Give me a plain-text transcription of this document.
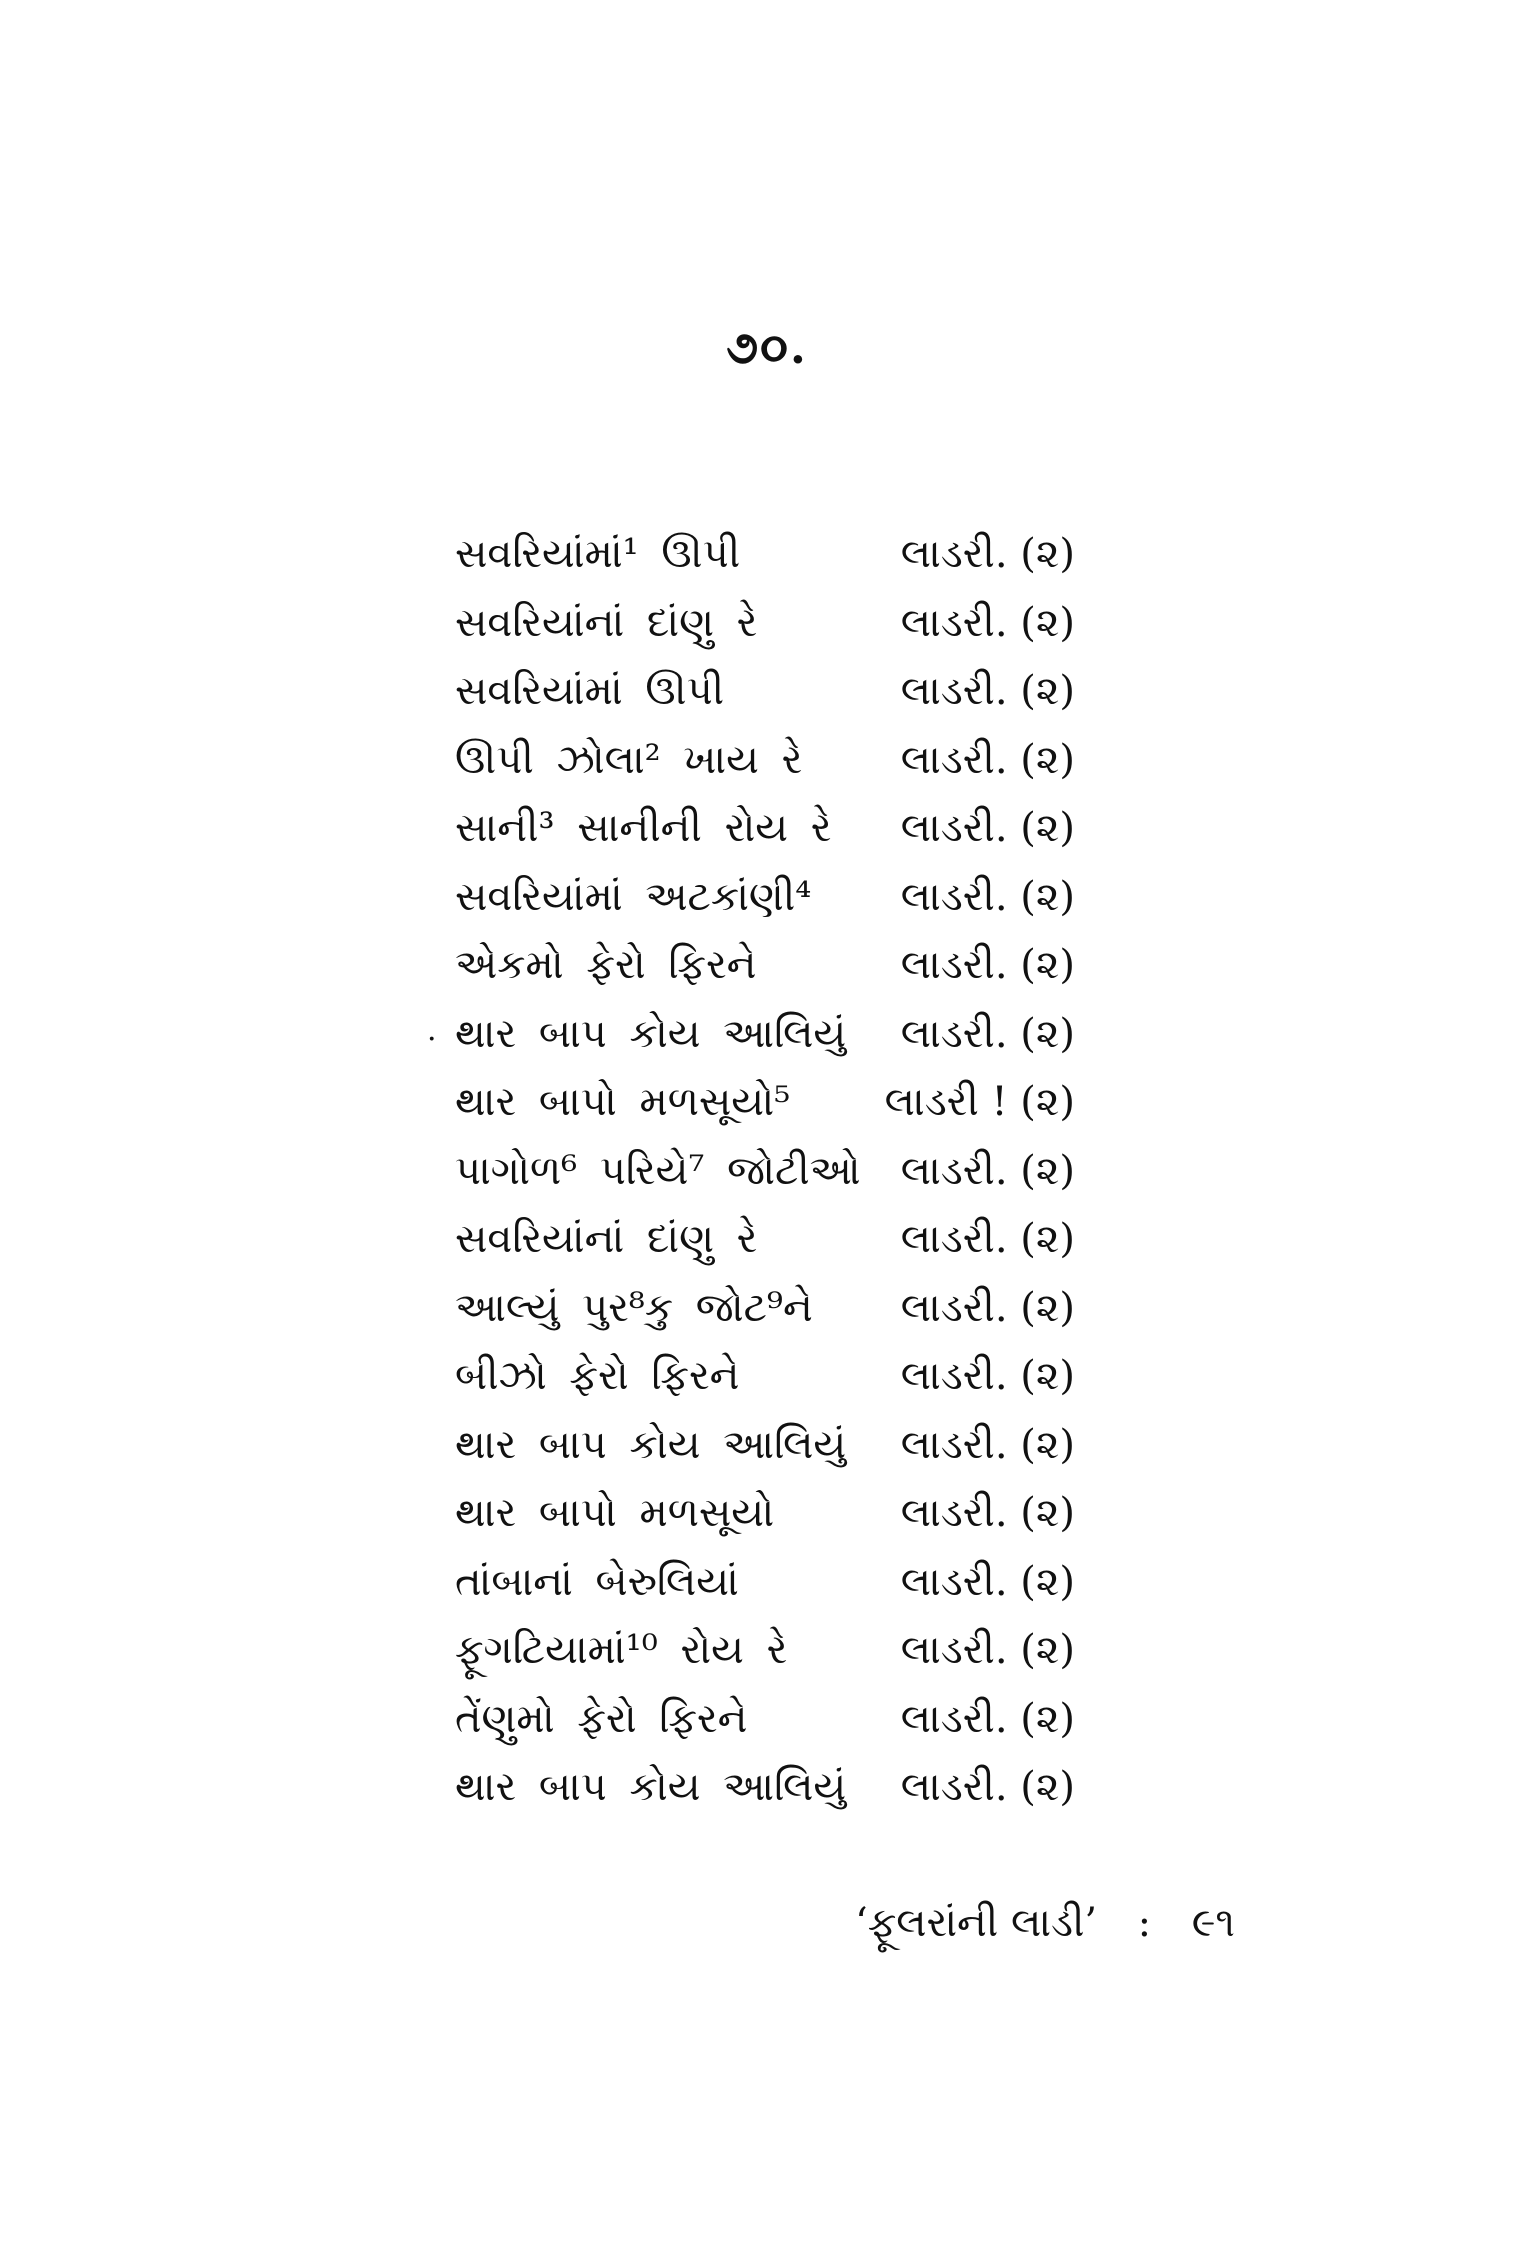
૭૦.
·
સવરિયાંમાં¹ ઊપી	લાડરી. (૨)
સવરિયાંનાં દાંણુ રે	લાડરી. (૨)
સવરિયાંમાં ઊપી	લાડરી. (૨)
ઊપી ઝોલા² ખાય રે	લાડરી. (૨)
સાની³ સાનીની રોય રે	લાડરી. (૨)
સવરિયાંમાં અટકાંણી⁴	લાડરી. (૨)
એકમો ફેરો ફિરને	લાડરી. (૨)
થાર બાપ કોય આલિયું	લાડરી. (૨)
થાર બાપો મળસૂયો⁵	લાડરી ! (૨)
પાગોળ⁶ પરિયે⁷ જોટીઓ	લાડરી. (૨)
સવરિયાંનાં દાંણુ રે	લાડરી. (૨)
આલ્યું પુર⁸કુ જોટ⁹ને	લાડરી. (૨)
બીઝો ફેરો ફિરને	લાડરી. (૨)
થાર બાપ કોય આલિયું	લાડરી. (૨)
થાર બાપો મળસૂયો	લાડરી. (૨)
તાંબાનાં બેરુલિયાં	લાડરી. (૨)
ફૂગટિયામાં¹⁰ રોય રે	લાડરી. (૨)
તેંણુમો ફેરો ફિરને	લાડરી. (૨)
થાર બાપ કોય આલિયું	લાડરી. (૨)
‘ફૂલરાંની લાડી’ : ૯૧
